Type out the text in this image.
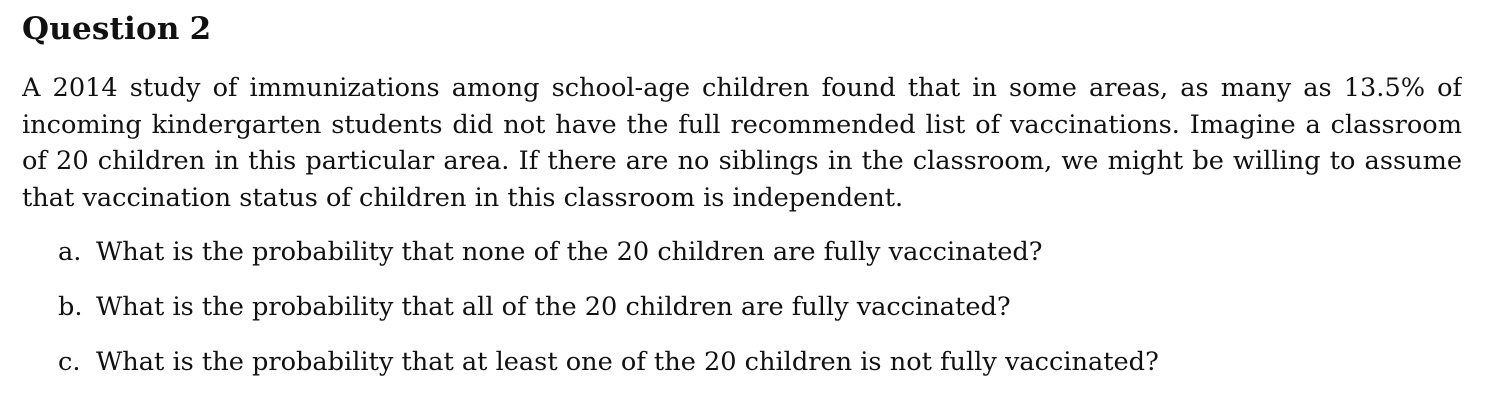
Question 2
A 2014 study of immunizations among school-age children found that in some areas, as many as 13.5% of
incoming kindergarten students did not have the full recommended list of vaccinations. Imagine a classroom
of 20 children in this particular area. If there are no siblings in the classroom, we might be willing to assume
that vaccination status of children in this classroom is independent.
a. What is the probability that none of the 20 children are fully vaccinated?
b. What is the probability that all of the 20 children are fully vaccinated?
c. What is the probability that at least one of the 20 children is not fully vaccinated?
